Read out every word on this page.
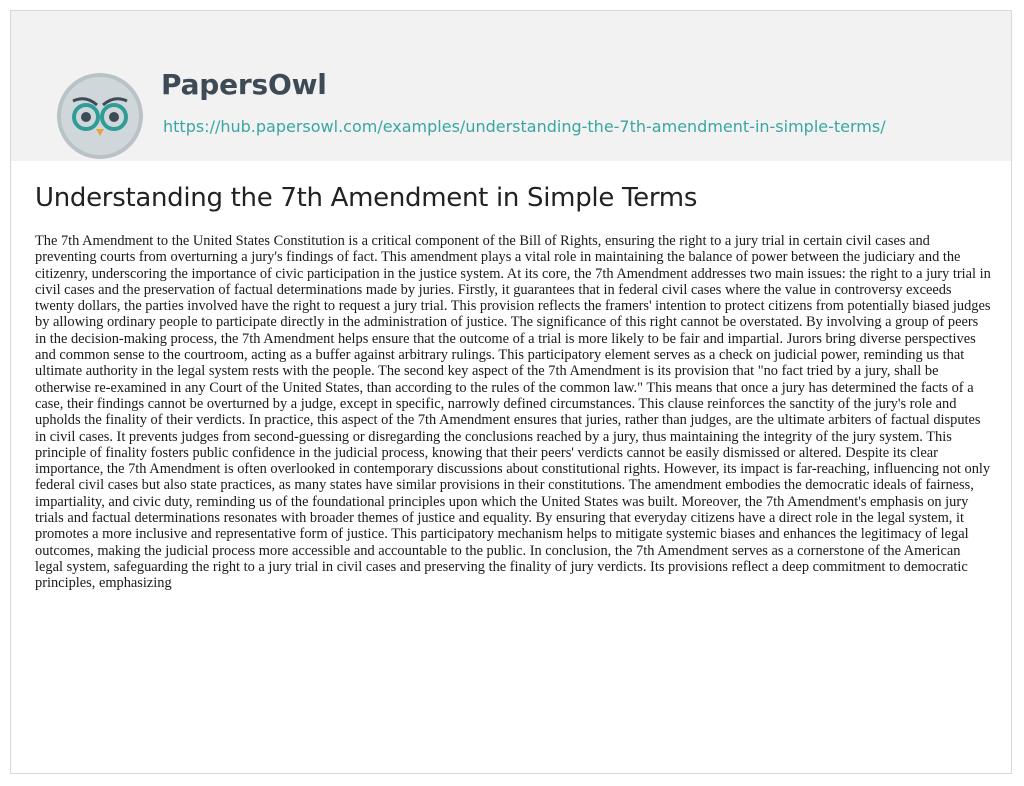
PapersOwl
https://hub.papersowl.com/examples/understanding-the-7th-amendment-in-simple-terms/
Understanding the 7th Amendment in Simple Terms

The 7th Amendment to the United States Constitution is a critical component of the Bill of Rights, ensuring the right to a jury trial in certain civil cases and preventing courts from overturning a jury's findings of fact. This amendment plays a vital role in maintaining the balance of power between the judiciary and the citizenry, underscoring the importance of civic participation in the justice system. At its core, the 7th Amendment addresses two main issues: the right to a jury trial in civil cases and the preservation of factual determinations made by juries. Firstly, it guarantees that in federal civil cases where the value in controversy exceeds twenty dollars, the parties involved have the right to request a jury trial. This provision reflects the framers' intention to protect citizens from potentially biased judges by allowing ordinary people to participate directly in the administration of justice. The significance of this right cannot be overstated. By involving a group of peers in the decision-making process, the 7th Amendment helps ensure that the outcome of a trial is more likely to be fair and impartial. Jurors bring diverse perspectives and common sense to the courtroom, acting as a buffer against arbitrary rulings. This participatory element serves as a check on judicial power, reminding us that ultimate authority in the legal system rests with the people. The second key aspect of the 7th Amendment is its provision that "no fact tried by a jury, shall be otherwise re-examined in any Court of the United States, than according to the rules of the common law." This means that once a jury has determined the facts of a case, their findings cannot be overturned by a judge, except in specific, narrowly defined circumstances. This clause reinforces the sanctity of the jury's role and upholds the finality of their verdicts. In practice, this aspect of the 7th Amendment ensures that juries, rather than judges, are the ultimate arbiters of factual disputes in civil cases. It prevents judges from second-guessing or disregarding the conclusions reached by a jury, thus maintaining the integrity of the jury system. This principle of finality fosters public confidence in the judicial process, knowing that their peers' verdicts cannot be easily dismissed or altered. Despite its clear importance, the 7th Amendment is often overlooked in contemporary discussions about constitutional rights. However, its impact is far-reaching, influencing not only federal civil cases but also state practices, as many states have similar provisions in their constitutions. The amendment embodies the democratic ideals of fairness, impartiality, and civic duty, reminding us of the foundational principles upon which the United States was built. Moreover, the 7th Amendment's emphasis on jury trials and factual determinations resonates with broader themes of justice and equality. By ensuring that everyday citizens have a direct role in the legal system, it promotes a more inclusive and representative form of justice. This participatory mechanism helps to mitigate systemic biases and enhances the legitimacy of legal outcomes, making the judicial process more accessible and accountable to the public. In conclusion, the 7th Amendment serves as a cornerstone of the American legal system, safeguarding the right to a jury trial in civil cases and preserving the finality of jury verdicts. Its provisions reflect a deep commitment to democratic principles, emphasizing
